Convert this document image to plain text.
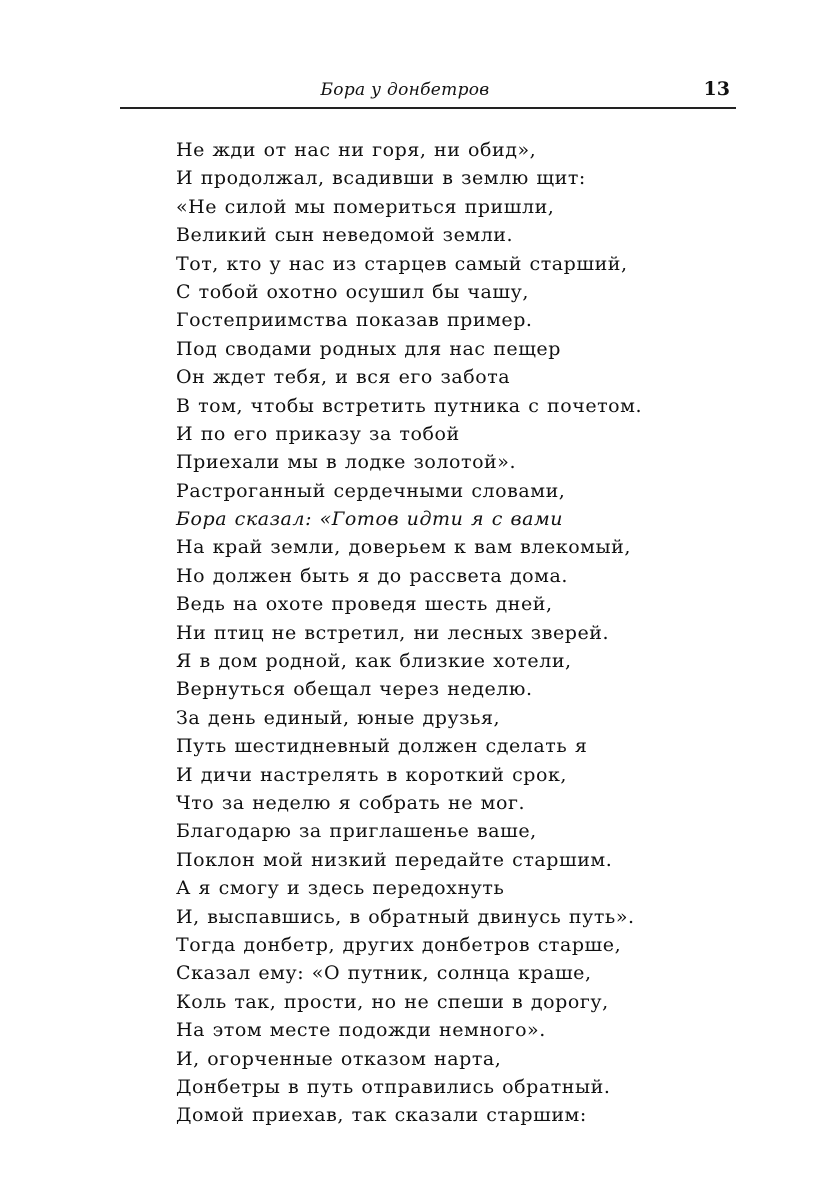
Бора у донбетров	13
Не жди от нас ни горя, ни обид»,
И продолжал, всадивши в землю щит:
«Не силой мы помериться пришли,
Великий сын неведомой земли.
Тот, кто у нас из старцев самый старший,
С тобой охотно осушил бы чашу,
Гостеприимства показав пример.
Под сводами родных для нас пещер
Он ждет тебя, и вся его забота
В том, чтобы встретить путника с почетом.
И по его приказу за тобой
Приехали мы в лодке золотой».
Растроганный сердечными словами,
Бора сказал: «Готов идти я с вами
На край земли, доверьем к вам влекомый,
Но должен быть я до рассвета дома.
Ведь на охоте проведя шесть дней,
Ни птиц не встретил, ни лесных зверей.
Я в дом родной, как близкие хотели,
Вернуться обещал через неделю.
За день единый, юные друзья,
Путь шестидневный должен сделать я
И дичи настрелять в короткий срок,
Что за неделю я собрать не мог.
Благодарю за приглашенье ваше,
Поклон мой низкий передайте старшим.
А я смогу и здесь передохнуть
И, выспавшись, в обратный двинусь путь».
Тогда донбетр, других донбетров старше,
Сказал ему: «О путник, солнца краше,
Коль так, прости, но не спеши в дорогу,
На этом месте подожди немного».
И, огорченные отказом нарта,
Донбетры в путь отправились обратный.
Домой приехав, так сказали старшим:
